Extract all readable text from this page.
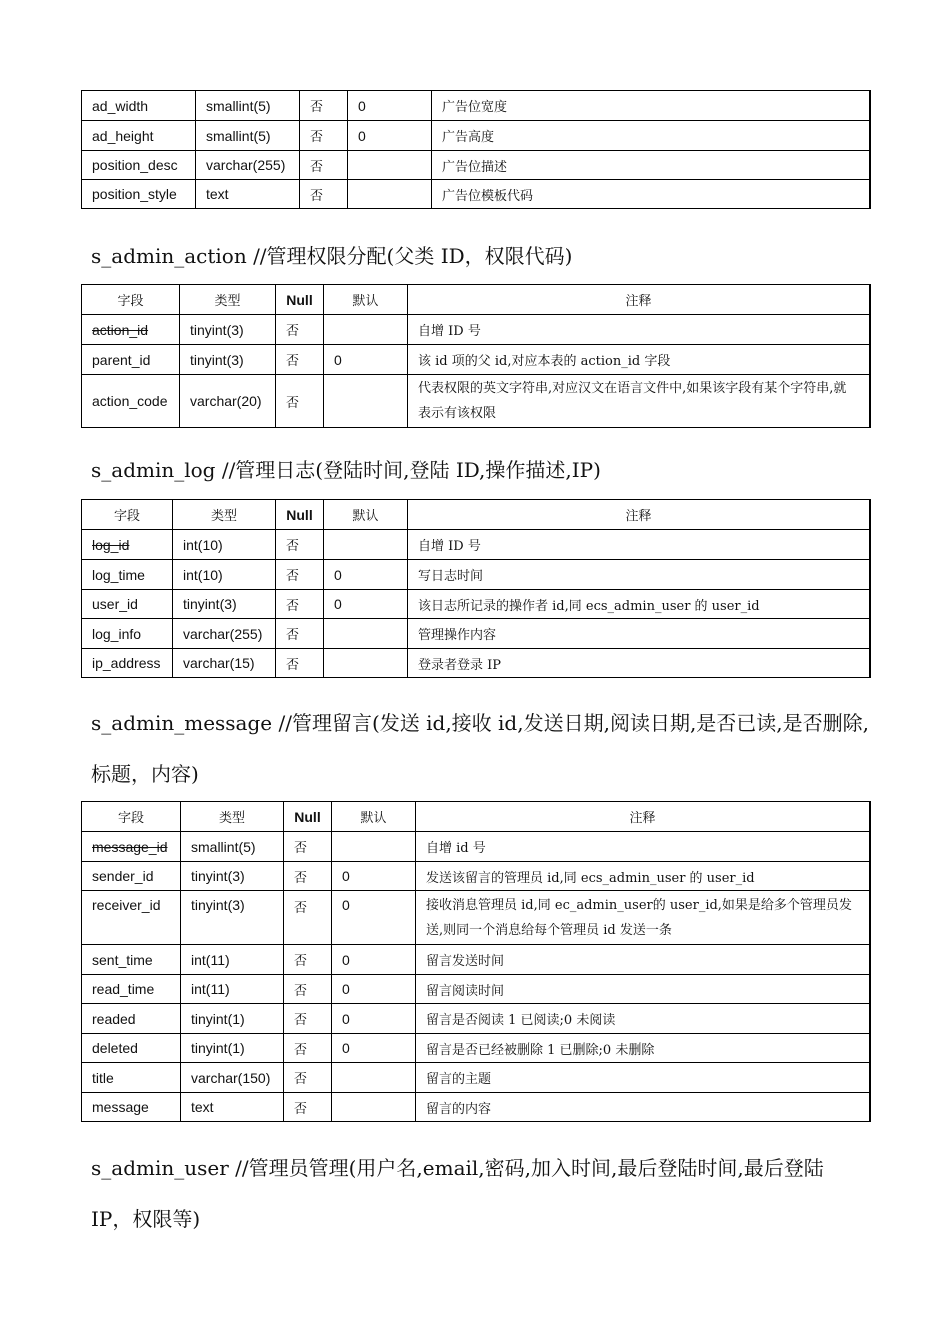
ad_width	smallint(5)	否	0	广告位宽度
ad_height	smallint(5)	否	0	广告高度
position_desc	varchar(255)	否		广告位描述
position_style	text	否		广告位模板代码
s_admin_action //管理权限分配(父类 ID，权限代码)
字段	类型	Null	默认	注释
action_id	tinyint(3)	否		自增 ID 号
parent_id	tinyint(3)	否	0	该 id 项的父 id,对应本表的 action_id 字段
action_code	varchar(20)	否		代表权限的英文字符串,对应汉文在语言文件中,如果该字段有某个字符串,就表示有该权限
s_admin_log //管理日志(登陆时间,登陆 ID,操作描述,IP)
字段	类型	Null	默认	注释
log_id	int(10)	否		自增 ID 号
log_time	int(10)	否	0	写日志时间
user_id	tinyint(3)	否	0	该日志所记录的操作者 id,同 ecs_admin_user 的 user_id
log_info	varchar(255)	否		管理操作内容
ip_address	varchar(15)	否		登录者登录 IP
s_admin_message //管理留言(发送 id,接收 id,发送日期,阅读日期,是否已读,是否删除,标题，内容)
字段	类型	Null	默认	注释
message_id	smallint(5)	否		自增 id 号
sender_id	tinyint(3)	否	0	发送该留言的管理员 id,同 ecs_admin_user 的 user_id
receiver_id	tinyint(3)	否	0	接收消息管理员 id,同 ec_admin_user的 user_id,如果是给多个管理员发送,则同一个消息给每个管理员 id 发送一条
sent_time	int(11)	否	0	留言发送时间
read_time	int(11)	否	0	留言阅读时间
readed	tinyint(1)	否	0	留言是否阅读 1 已阅读;0 未阅读
deleted	tinyint(1)	否	0	留言是否已经被删除 1 已删除;0 未删除
title	varchar(150)	否		留言的主题
message	text	否		留言的内容
s_admin_user //管理员管理(用户名,email,密码,加入时间,最后登陆时间,最后登陆 IP，权限等)
